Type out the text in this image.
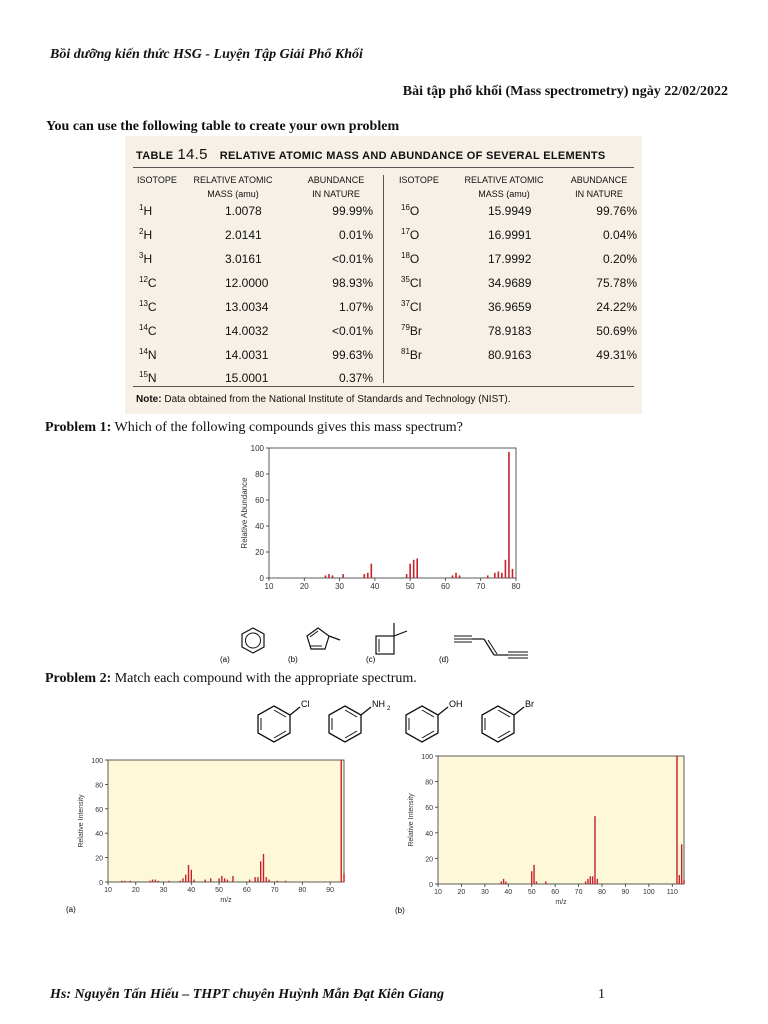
Bồi dưỡng kiến thức HSG - Luyện Tập Giải Phổ Khối
Bài tập phổ khối (Mass spectrometry) ngày 22/02/2022
You can use the following table to create your own problem
TABLE 14.5 RELATIVE ATOMIC MASS AND ABUNDANCE OF SEVERAL ELEMENTS
ISOTOPE RELATIVE ATOMIC
MASS (amu)
ABUNDANCE
IN NATURE
ISOTOPE	RELATIVE ATOMIC
MASS (amu)
ABUNDANCE
IN NATURE
$^1$H	1.0078	99.99%
$^2$H	2.0141	0.01%
$^3$H	3.0161	<0.01%
$^{12}$C	12.0000	98.93%
$^{13}$C	13.0034	1.07%
$^{14}$C	14.0032	<0.01%
$^{14}$N	14.0031	99.63%
$^{15}$N	15.0001	0.37%
$^{16}$O	15.9949	99.76%
$^{17}$O	16.9991	0.04%
$^{18}$O	17.9992	0.20%
$^{35}$Cl	34.9689	75.78%
$^{37}$Cl	36.9659	24.22%
$^{79}$Br	78.9183	50.69%
$^{81}$Br	80.9163	49.31%
Note: Data obtained from the National Institute of Standards and Technology (NIST).
Problem 1: Which of the following compounds gives this mass spectrum?
0
20
40
60
80
100
10	20	30	40	50	60	70	80
Relative Abundance
(a)	(b)	(c)	(d)
Problem 2: Match each compound with the appropriate spectrum.
Cl	NH 2	OH	Br
0
20
40
60
80
100
10	20	30	40	50	60	70	80	90
Relative Intensity
m/z
(a)
0
20
40
60
80
100
10 20 30 40 50 60 70 80 90 100 110
Relative Intensity
m/z
(b)
Hs: Nguyễn Tấn Hiếu – THPT chuyên Huỳnh Mẫn Đạt Kiên Giang	1
